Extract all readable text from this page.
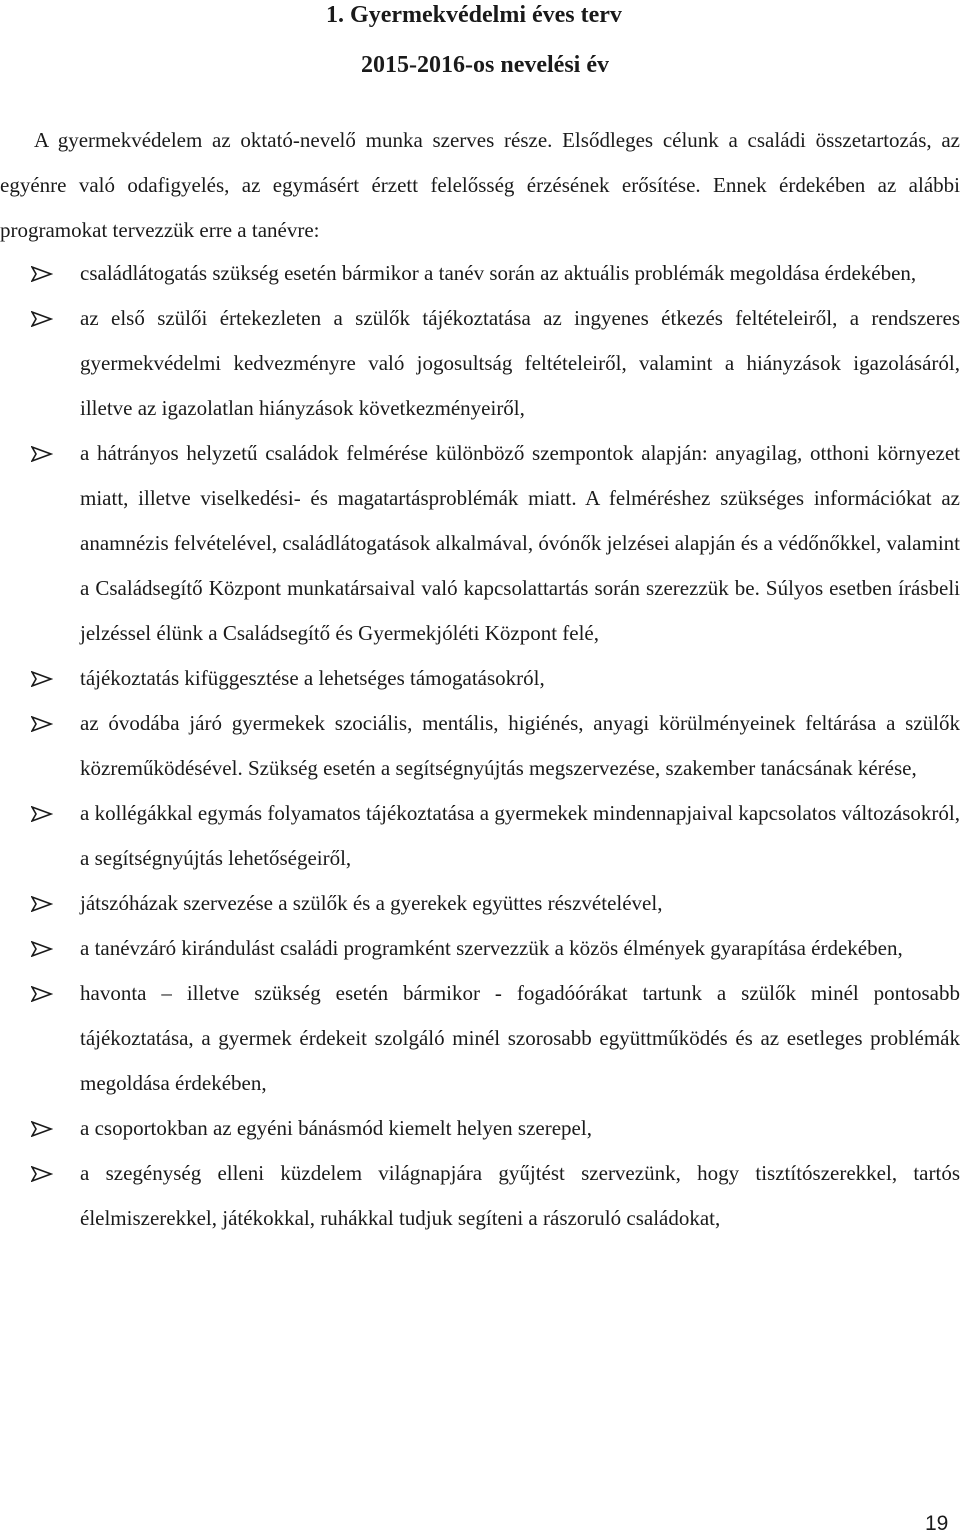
1. Gyermekvédelmi éves terv
2015-2016-os nevelési év

A gyermekvédelem az oktató-nevelő munka szerves része. Elsődleges célunk a családi összetartozás, az egyénre való odafigyelés, az egymásért érzett felelősség érzésének erősítése. Ennek érdekében az alábbi programokat tervezzük erre a tanévre:

családlátogatás szükség esetén bármikor a tanév során az aktuális problémák megoldása érdekében,
az első szülői értekezleten a szülők tájékoztatása az ingyenes étkezés feltételeiről, a rendszeres gyermekvédelmi kedvezményre való jogosultság feltételeiről, valamint a hiányzások igazolásáról, illetve az igazolatlan hiányzások következményeiről,
a hátrányos helyzetű családok felmérése különböző szempontok alapján: anyagilag, otthoni környezet miatt, illetve viselkedési- és magatartásproblémák miatt. A felméréshez szükséges információkat az anamnézis felvételével, családlátogatások alkalmával, óvónők jelzései alapján és a védőnőkkel, valamint a Családsegítő Központ munkatársaival való kapcsolattartás során szerezzük be. Súlyos esetben írásbeli jelzéssel élünk a Családsegítő és Gyermekjóléti Központ felé,
tájékoztatás kifüggesztése a lehetséges támogatásokról,
az óvodába járó gyermekek szociális, mentális, higiénés, anyagi körülményeinek feltárása a szülők közreműködésével. Szükség esetén a segítségnyújtás megszervezése, szakember tanácsának kérése,
a kollégákkal egymás folyamatos tájékoztatása a gyermekek mindennapjaival kapcsolatos változásokról, a segítségnyújtás lehetőségeiről,
játszóházak szervezése a szülők és a gyerekek együttes részvételével,
a tanévzáró kirándulást családi programként szervezzük a közös élmények gyarapítása érdekében,
havonta – illetve szükség esetén bármikor - fogadóórákat tartunk a szülők minél pontosabb tájékoztatása, a gyermek érdekeit szolgáló minél szorosabb együttműködés és az esetleges problémák megoldása érdekében,
a csoportokban az egyéni bánásmód kiemelt helyen szerepel,
a szegénység elleni küzdelem világnapjára gyűjtést szervezünk, hogy tisztítószerekkel, tartós élelmiszerekkel, játékokkal, ruhákkal tudjuk segíteni a rászoruló családokat,
19
